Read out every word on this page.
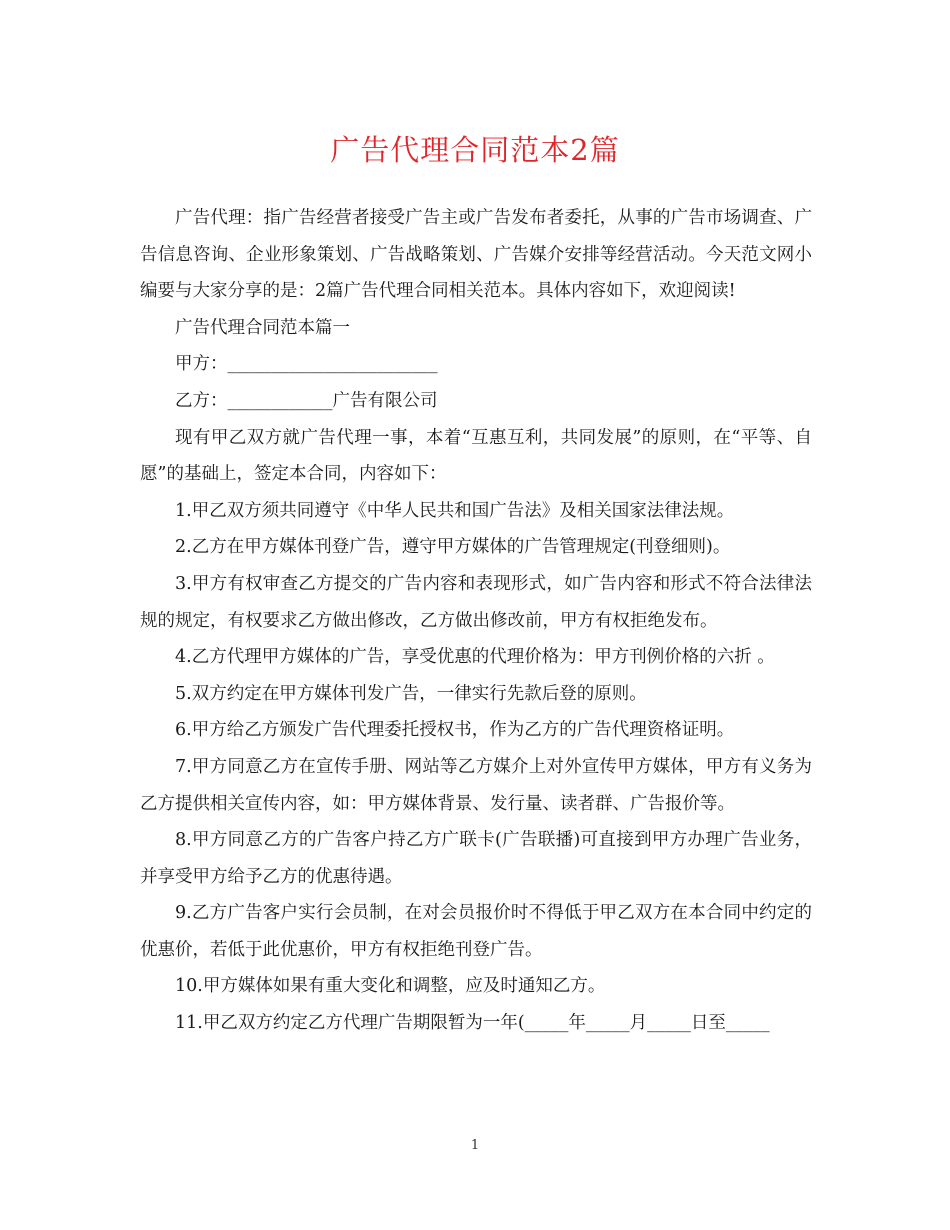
广告代理合同范本2篇

广告代理：指广告经营者接受广告主或广告发布者委托，从事的广告市场调查、广告信息咨询、企业形象策划、广告战略策划、广告媒介安排等经营活动。今天范文网小编要与大家分享的是：2篇广告代理合同相关范本。具体内容如下，欢迎阅读!

广告代理合同范本篇一

甲方：________________________

乙方：____________广告有限公司

现有甲乙双方就广告代理一事，本着“互惠互利，共同发展”的原则，在“平等、自愿”的基础上，签定本合同，内容如下：

1.甲乙双方须共同遵守《中华人民共和国广告法》及相关国家法律法规。

2.乙方在甲方媒体刊登广告，遵守甲方媒体的广告管理规定(刊登细则)。

3.甲方有权审查乙方提交的广告内容和表现形式，如广告内容和形式不符合法律法规的规定，有权要求乙方做出修改，乙方做出修改前，甲方有权拒绝发布。

4.乙方代理甲方媒体的广告，享受优惠的代理价格为：甲方刊例价格的六折 。

5.双方约定在甲方媒体刊发广告，一律实行先款后登的原则。

6.甲方给乙方颁发广告代理委托授权书，作为乙方的广告代理资格证明。

7.甲方同意乙方在宣传手册、网站等乙方媒介上对外宣传甲方媒体，甲方有义务为乙方提供相关宣传内容，如：甲方媒体背景、发行量、读者群、广告报价等。

8.甲方同意乙方的广告客户持乙方广联卡(广告联播)可直接到甲方办理广告业务，并享受甲方给予乙方的优惠待遇。

9.乙方广告客户实行会员制，在对会员报价时不得低于甲乙双方在本合同中约定的优惠价，若低于此优惠价，甲方有权拒绝刊登广告。

10.甲方媒体如果有重大变化和调整，应及时通知乙方。

11.甲乙双方约定乙方代理广告期限暂为一年(_____年_____月_____日至_____

1
